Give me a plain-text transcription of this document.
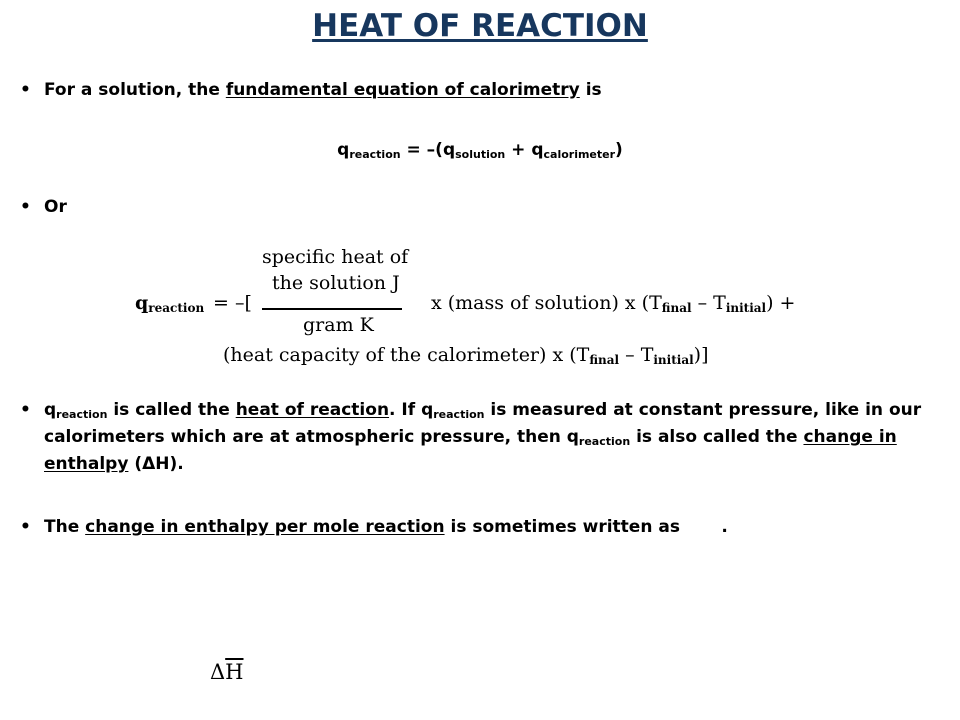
HEAT OF REACTION
• For a solution, the fundamental equation of calorimetry is
$q_{reaction} = -(q_{solution} + q_{calorimeter})$
• Or
$q_{reaction}$ = –[
specific heat of
the solution J
gram K
x (mass of solution) x $(T_{final} - T_{initial})$ +
(heat capacity of the calorimeter) x $(T_{final} - T_{initial})$]
• $q_{reaction}$ is called the heat of reaction. If $q_{reaction}$ is measured at constant pressure, like in our calorimeters which are at atmospheric pressure, then $q_{reaction}$ is also called the change in enthalpy (ΔH).
• The change in enthalpy per mole reaction is sometimes written as       .
$\Delta\overline{H}$
